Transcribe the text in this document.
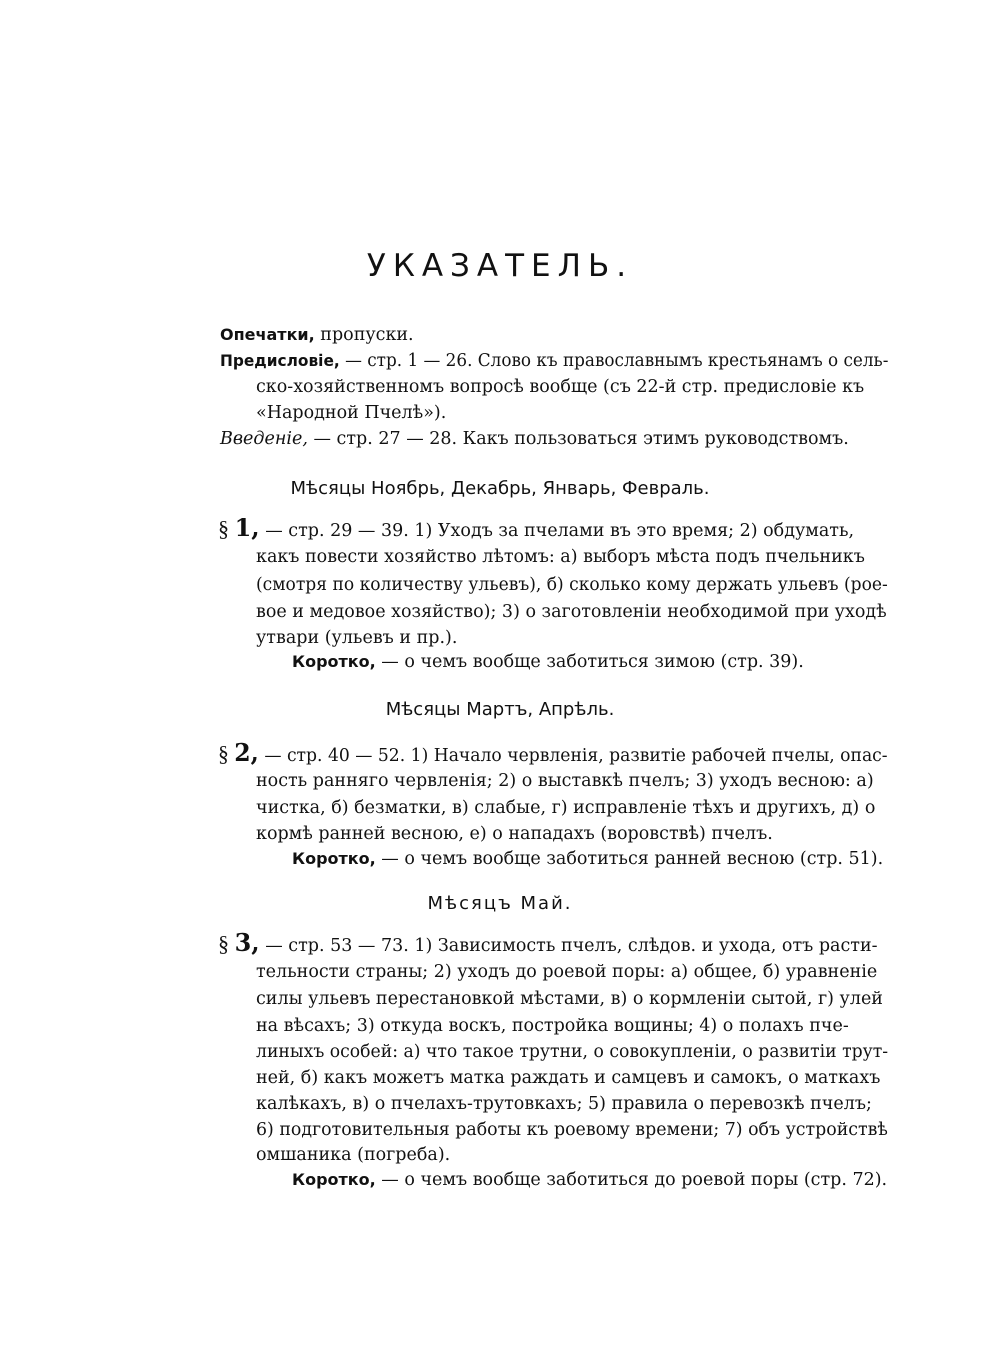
УКАЗАТЕЛЬ.
Опечатки, пропуски.
Предисловіе, — стр. 1 — 26. Слово къ православнымъ крестьянамъ о сель-
ско-хозяйственномъ вопросѣ вообще (съ 22-й стр. предисловіе къ
«Народной Пчелѣ»).
Введеніе, — стр. 27 — 28. Какъ пользоваться этимъ руководствомъ.
Мѣсяцы Ноябрь, Декабрь, Январь, Февраль.
§ 1, — стр. 29 — 39. 1) Уходъ за пчелами въ это время; 2) обдумать,
какъ повести хозяйство лѣтомъ: а) выборъ мѣста подъ пчельникъ
(смотря по количеству ульевъ), б) сколько кому держать ульевъ (рое-
вое и медовое хозяйство); 3) о заготовленіи необходимой при уходѣ
утвари (ульевъ и пр.).
Коротко, — о чемъ вообще заботиться зимою (стр. 39).
Мѣсяцы Мартъ, Апрѣль.
§ 2, — стр. 40 — 52. 1) Начало червленія, развитіе рабочей пчелы, опас-
ность ранняго червленія; 2) о выставкѣ пчелъ; 3) уходъ весною: а)
чистка, б) безматки, в) слабые, г) исправленіе тѣхъ и другихъ, д) о
кормѣ ранней весною, е) о нападахъ (воровствѣ) пчелъ.
Коротко, — о чемъ вообще заботиться ранней весною (стр. 51).
Мѣсяцъ Май.
§ 3, — стр. 53 — 73. 1) Зависимость пчелъ, слѣдов. и ухода, отъ расти-
тельности страны; 2) уходъ до роевой поры: а) общее, б) уравненіе
силы ульевъ перестановкой мѣстами, в) о кормленіи сытой, г) улей
на вѣсахъ; 3) откуда воскъ, постройка вощины; 4) о полахъ пче-
линыхъ особей: а) что такое трутни, о совокупленіи, о развитіи трут-
ней, б) какъ можетъ матка раждать и самцевъ и самокъ, о маткахъ
калѣкахъ, в) о пчелахъ-трутовкахъ; 5) правила о перевозкѣ пчелъ;
6) подготовительныя работы къ роевому времени; 7) объ устройствѣ
омшаника (погреба).
Коротко, — о чемъ вообще заботиться до роевой поры (стр. 72).
